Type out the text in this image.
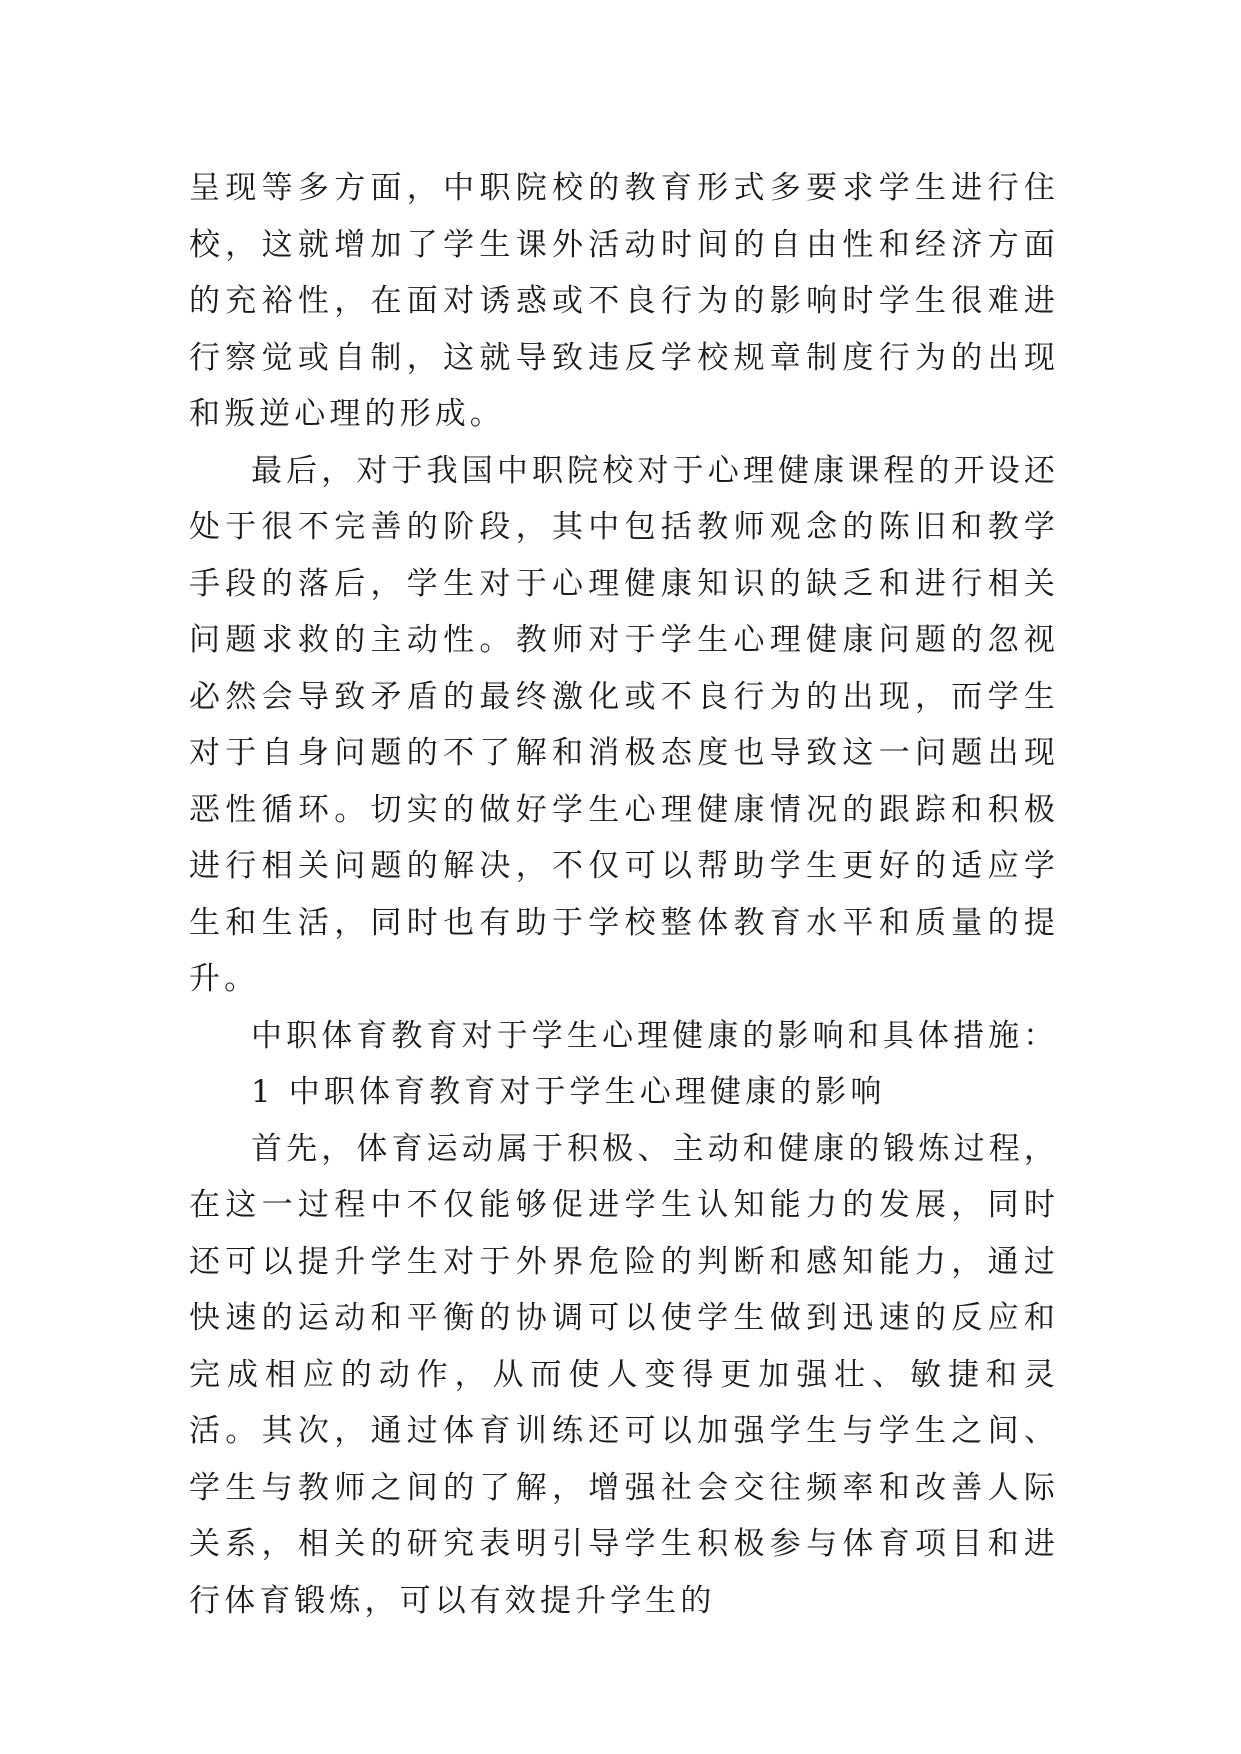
呈现等多方面，中职院校的教育形式多要求学生进行住校，这就增加了学生课外活动时间的自由性和经济方面的充裕性，在面对诱惑或不良行为的影响时学生很难进行察觉或自制，这就导致违反学校规章制度行为的出现和叛逆心理的形成。

最后，对于我国中职院校对于心理健康课程的开设还处于很不完善的阶段，其中包括教师观念的陈旧和教学手段的落后，学生对于心理健康知识的缺乏和进行相关问题求救的主动性。教师对于学生心理健康问题的忽视必然会导致矛盾的最终激化或不良行为的出现，而学生对于自身问题的不了解和消极态度也导致这一问题出现恶性循环。切实的做好学生心理健康情况的跟踪和积极进行相关问题的解决，不仅可以帮助学生更好的适应学生和生活，同时也有助于学校整体教育水平和质量的提升。

中职体育教育对于学生心理健康的影响和具体措施：

1 中职体育教育对于学生心理健康的影响

首先，体育运动属于积极、主动和健康的锻炼过程，在这一过程中不仅能够促进学生认知能力的发展，同时还可以提升学生对于外界危险的判断和感知能力，通过快速的运动和平衡的协调可以使学生做到迅速的反应和完成相应的动作，从而使人变得更加强壮、敏捷和灵活。其次，通过体育训练还可以加强学生与学生之间、学生与教师之间的了解，增强社会交往频率和改善人际关系，相关的研究表明引导学生积极参与体育项目和进行体育锻炼，可以有效提升学生的
